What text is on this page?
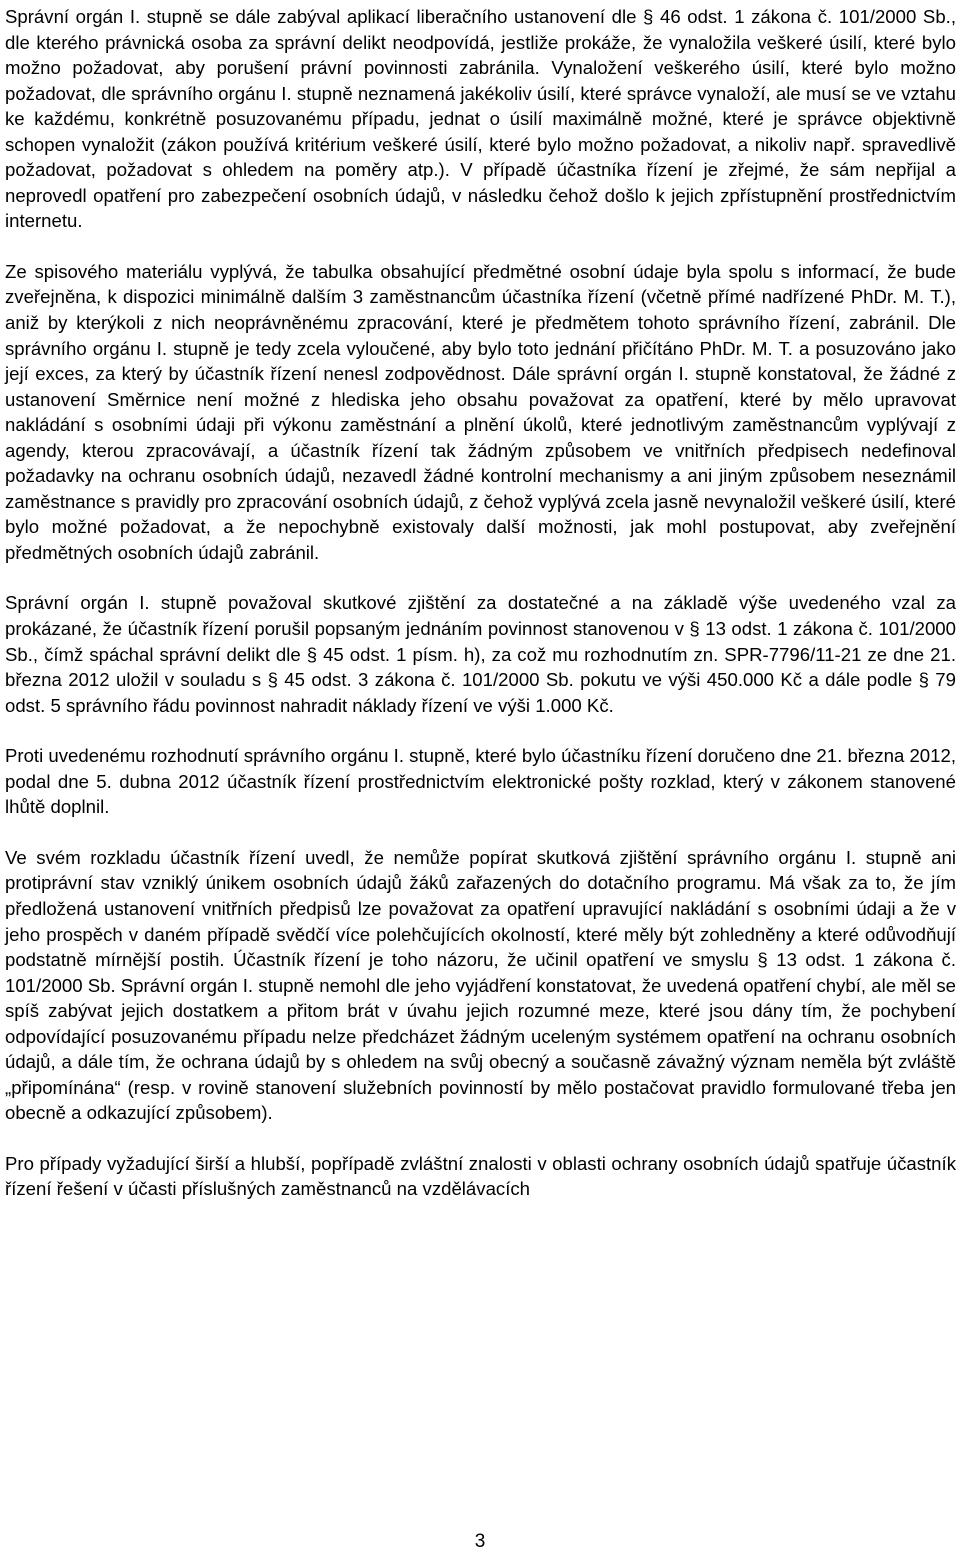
Správní orgán I. stupně se dále zabýval aplikací liberačního ustanovení dle § 46 odst. 1 zákona č. 101/2000 Sb., dle kterého právnická osoba za správní delikt neodpovídá, jestliže prokáže, že vynaložila veškeré úsilí, které bylo možno požadovat, aby porušení právní povinnosti zabránila. Vynaložení veškerého úsilí, které bylo možno požadovat, dle správního orgánu I. stupně neznamená jakékoliv úsilí, které správce vynaloží, ale musí se ve vztahu ke každému, konkrétně posuzovanému případu, jednat o úsilí maximálně možné, které je správce objektivně schopen vynaložit (zákon používá kritérium veškeré úsilí, které bylo možno požadovat, a nikoliv např. spravedlivě požadovat, požadovat s ohledem na poměry atp.). V případě účastníka řízení je zřejmé, že sám nepřijal a neprovedl opatření pro zabezpečení osobních údajů, v následku čehož došlo k jejich zpřístupnění prostřednictvím internetu.

Ze spisového materiálu vyplývá, že tabulka obsahující předmětné osobní údaje byla spolu s informací, že bude zveřejněna, k dispozici minimálně dalším 3 zaměstnancům účastníka řízení (včetně přímé nadřízené PhDr. M. T.), aniž by kterýkoli z nich neoprávněnému zpracování, které je předmětem tohoto správního řízení, zabránil. Dle správního orgánu I. stupně je tedy zcela vyloučené, aby bylo toto jednání přičítáno PhDr. M. T. a posuzováno jako její exces, za který by účastník řízení nenesl zodpovědnost. Dále správní orgán I. stupně konstatoval, že žádné z ustanovení Směrnice není možné z hlediska jeho obsahu považovat za opatření, které by mělo upravovat nakládání s osobními údaji při výkonu zaměstnání a plnění úkolů, které jednotlivým zaměstnancům vyplývají z agendy, kterou zpracovávají, a účastník řízení tak žádným způsobem ve vnitřních předpisech nedefinoval požadavky na ochranu osobních údajů, nezavedl žádné kontrolní mechanismy a ani jiným způsobem neseznámil zaměstnance s pravidly pro zpracování osobních údajů, z čehož vyplývá zcela jasně nevynaložil veškeré úsilí, které bylo možné požadovat, a že nepochybně existovaly další možnosti, jak mohl postupovat, aby zveřejnění předmětných osobních údajů zabránil.

Správní orgán I. stupně považoval skutkové zjištění za dostatečné a na základě výše uvedeného vzal za prokázané, že účastník řízení porušil popsaným jednáním povinnost stanovenou v § 13 odst. 1 zákona č. 101/2000 Sb., čímž spáchal správní delikt dle § 45 odst. 1 písm. h), za což mu rozhodnutím zn. SPR-7796/11-21 ze dne 21. března 2012 uložil v souladu s § 45 odst. 3 zákona č. 101/2000 Sb. pokutu ve výši 450.000 Kč a dále podle § 79 odst. 5 správního řádu povinnost nahradit náklady řízení ve výši 1.000 Kč.

Proti uvedenému rozhodnutí správního orgánu I. stupně, které bylo účastníku řízení doručeno dne 21. března 2012, podal dne 5. dubna 2012 účastník řízení prostřednictvím elektronické pošty rozklad, který v zákonem stanovené lhůtě doplnil.

Ve svém rozkladu účastník řízení uvedl, že nemůže popírat skutková zjištění správního orgánu I. stupně ani protiprávní stav vzniklý únikem osobních údajů žáků zařazených do dotačního programu. Má však za to, že jím předložená ustanovení vnitřních předpisů lze považovat za opatření upravující nakládání s osobními údaji a že v jeho prospěch v daném případě svědčí více polehčujících okolností, které měly být zohledněny a které odůvodňují podstatně mírnější postih. Účastník řízení je toho názoru, že učinil opatření ve smyslu § 13 odst. 1 zákona č. 101/2000 Sb. Správní orgán I. stupně nemohl dle jeho vyjádření konstatovat, že uvedená opatření chybí, ale měl se spíš zabývat jejich dostatkem a přitom brát v úvahu jejich rozumné meze, které jsou dány tím, že pochybení odpovídající posuzovanému případu nelze předcházet žádným uceleným systémem opatření na ochranu osobních údajů, a dále tím, že ochrana údajů by s ohledem na svůj obecný a současně závažný význam neměla být zvláště „připomínána“ (resp. v rovině stanovení služebních povinností by mělo postačovat pravidlo formulované třeba jen obecně a odkazující způsobem).

Pro případy vyžadující širší a hlubší, popřípadě zvláštní znalosti v oblasti ochrany osobních údajů spatřuje účastník řízení řešení v účasti příslušných zaměstnanců na vzdělávacích

3
